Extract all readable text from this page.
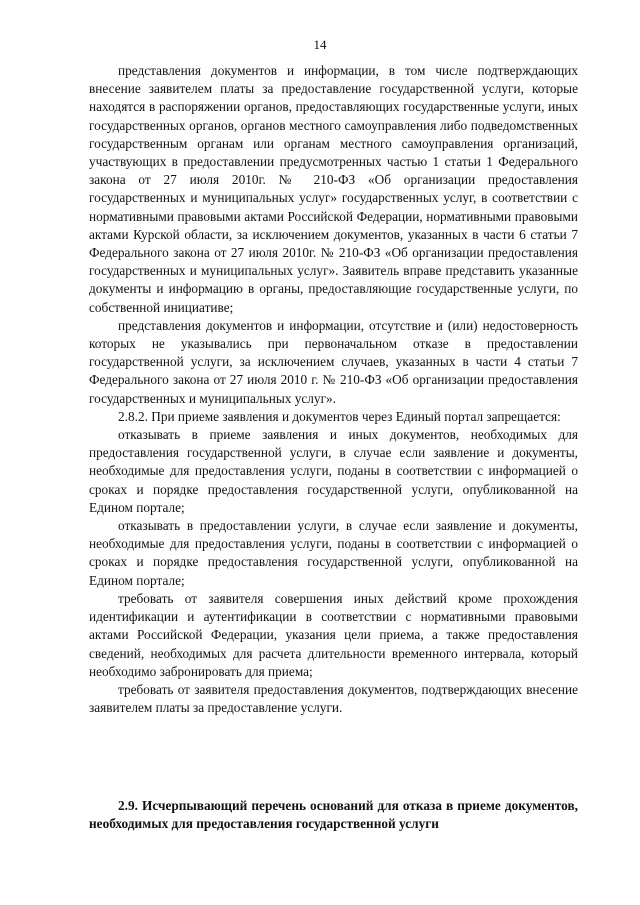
14

представления документов и информации, в том числе подтверждающих внесение заявителем платы за предоставление государственной услуги, которые находятся в распоряжении органов, предоставляющих государственные услуги, иных государственных органов, органов местного самоуправления либо подведомственных государственным органам или органам местного самоуправления организаций, участвующих в предоставлении предусмотренных частью 1 статьи 1 Федерального закона от 27 июля 2010г. № 210-ФЗ «Об организации предоставления государственных и муниципальных услуг» государственных услуг, в соответствии с нормативными правовыми актами Российской Федерации, нормативными правовыми актами Курской области, за исключением документов, указанных в части 6 статьи 7 Федерального закона от 27 июля 2010г. № 210-ФЗ «Об организации предоставления государственных и муниципальных услуг». Заявитель вправе представить указанные документы и информацию в органы, предоставляющие государственные услуги, по собственной инициативе;

представления документов и информации, отсутствие и (или) недостоверность которых не указывались при первоначальном отказе в предоставлении государственной услуги, за исключением случаев, указанных в части 4 статьи 7 Федерального закона от 27 июля 2010 г. № 210-ФЗ «Об организации предоставления государственных и муниципальных услуг».

2.8.2. При приеме заявления и документов через Единый портал запрещается:

отказывать в приеме заявления и иных документов, необходимых для предоставления государственной услуги, в случае если заявление и документы, необходимые для предоставления услуги, поданы в соответствии с информацией о сроках и порядке предоставления государственной услуги, опубликованной на Едином портале;

отказывать в предоставлении услуги, в случае если заявление и документы, необходимые для предоставления услуги, поданы в соответствии с информацией о сроках и порядке предоставления государственной услуги, опубликованной на Едином портале;

требовать от заявителя совершения иных действий кроме прохождения идентификации и аутентификации в соответствии с нормативными правовыми актами Российской Федерации, указания цели приема, а также предоставления сведений, необходимых для расчета длительности временного интервала, который необходимо забронировать для приема;

требовать от заявителя предоставления документов, подтверждающих внесение заявителем платы за предоставление услуги.

2.9. Исчерпывающий перечень оснований для отказа в приеме документов, необходимых для предоставления государственной услуги
